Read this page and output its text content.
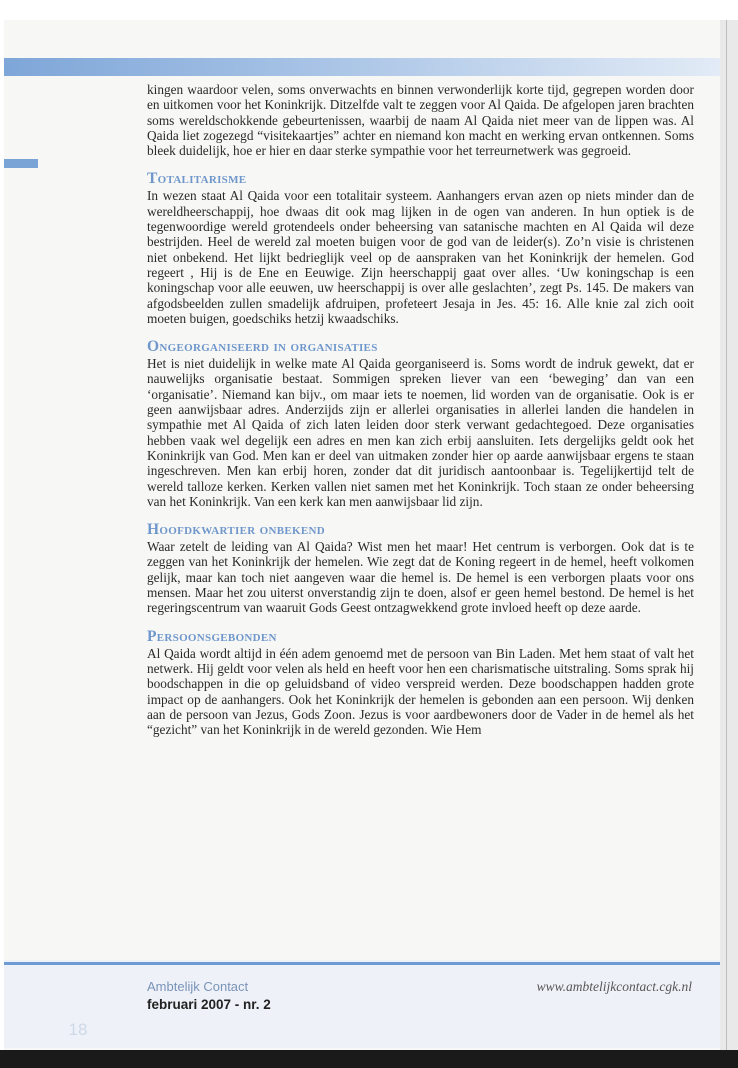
kingen waardoor velen, soms onverwachts en binnen verwonderlijk korte tijd, gegrepen worden door en uitkomen voor het Koninkrijk. Ditzelfde valt te zeggen voor Al Qaida. De afgelopen jaren brachten soms wereldschokkende gebeurtenissen, waarbij de naam Al Qaida niet meer van de lippen was. Al Qaida liet zogezegd “visitekaartjes” achter en niemand kon macht en werking ervan ontkennen. Soms bleek duidelijk, hoe er hier en daar sterke sympathie voor het terreurnetwerk was gegroeid.

Totalitarisme

In wezen staat Al Qaida voor een totalitair systeem. Aanhangers ervan azen op niets minder dan de wereldheerschappij, hoe dwaas dit ook mag lijken in de ogen van anderen. In hun optiek is de tegenwoordige wereld grotendeels onder beheersing van satanische machten en Al Qaida wil deze bestrijden. Heel de wereld zal moeten buigen voor de god van de leider(s). Zo’n visie is christenen niet onbekend. Het lijkt bedrieglijk veel op de aanspraken van het Koninkrijk der hemelen. God regeert , Hij is de Ene en Eeuwige. Zijn heerschappij gaat over alles. ‘Uw koningschap is een koningschap voor alle eeuwen, uw heerschappij is over alle geslachten’, zegt Ps. 145. De makers van afgodsbeelden zullen smadelijk afdruipen, profeteert Jesaja in Jes. 45: 16. Alle knie zal zich ooit moeten buigen, goedschiks hetzij kwaadschiks.

Ongeorganiseerd in organisaties

Het is niet duidelijk in welke mate Al Qaida georganiseerd is. Soms wordt de indruk gewekt, dat er nauwelijks organisatie bestaat. Sommigen spreken liever van een ‘beweging’ dan van een ‘organisatie’. Niemand kan bijv., om maar iets te noemen, lid worden van de organisatie. Ook is er geen aanwijsbaar adres. Anderzijds zijn er allerlei organisaties in allerlei landen die handelen in sympathie met Al Qaida of zich laten leiden door sterk verwant gedachtegoed. Deze organisaties hebben vaak wel degelijk een adres en men kan zich erbij aansluiten. Iets dergelijks geldt ook het Koninkrijk van God. Men kan er deel van uitmaken zonder hier op aarde aanwijsbaar ergens te staan ingeschreven. Men kan erbij horen, zonder dat dit juridisch aantoonbaar is. Tegelijkertijd telt de wereld talloze kerken. Kerken vallen niet samen met het Koninkrijk. Toch staan ze onder beheersing van het Koninkrijk. Van een kerk kan men aanwijsbaar lid zijn.

Hoofdkwartier onbekend

Waar zetelt de leiding van Al Qaida? Wist men het maar! Het centrum is verborgen. Ook dat is te zeggen van het Koninkrijk der hemelen. Wie zegt dat de Koning regeert in de hemel, heeft volkomen gelijk, maar kan toch niet aangeven waar die hemel is. De hemel is een verborgen plaats voor ons mensen. Maar het zou uiterst onverstandig zijn te doen, alsof er geen hemel bestond. De hemel is het regeringscentrum van waaruit Gods Geest ontzagwekkend grote invloed heeft op deze aarde.

Persoonsgebonden

Al Qaida wordt altijd in één adem genoemd met de persoon van Bin Laden. Met hem staat of valt het netwerk. Hij geldt voor velen als held en heeft voor hen een charismatische uitstraling. Soms sprak hij boodschappen in die op geluidsband of video verspreid werden. Deze boodschappen hadden grote impact op de aanhangers. Ook het Koninkrijk der hemelen is gebonden aan een persoon. Wij denken aan de persoon van Jezus, Gods Zoon. Jezus is voor aardbewoners door de Vader in de hemel als het “gezicht” van het Koninkrijk in de wereld gezonden. Wie Hem

18
Ambtelijk Contact
februari 2007 - nr. 2
www.ambtelijkcontact.cgk.nl
